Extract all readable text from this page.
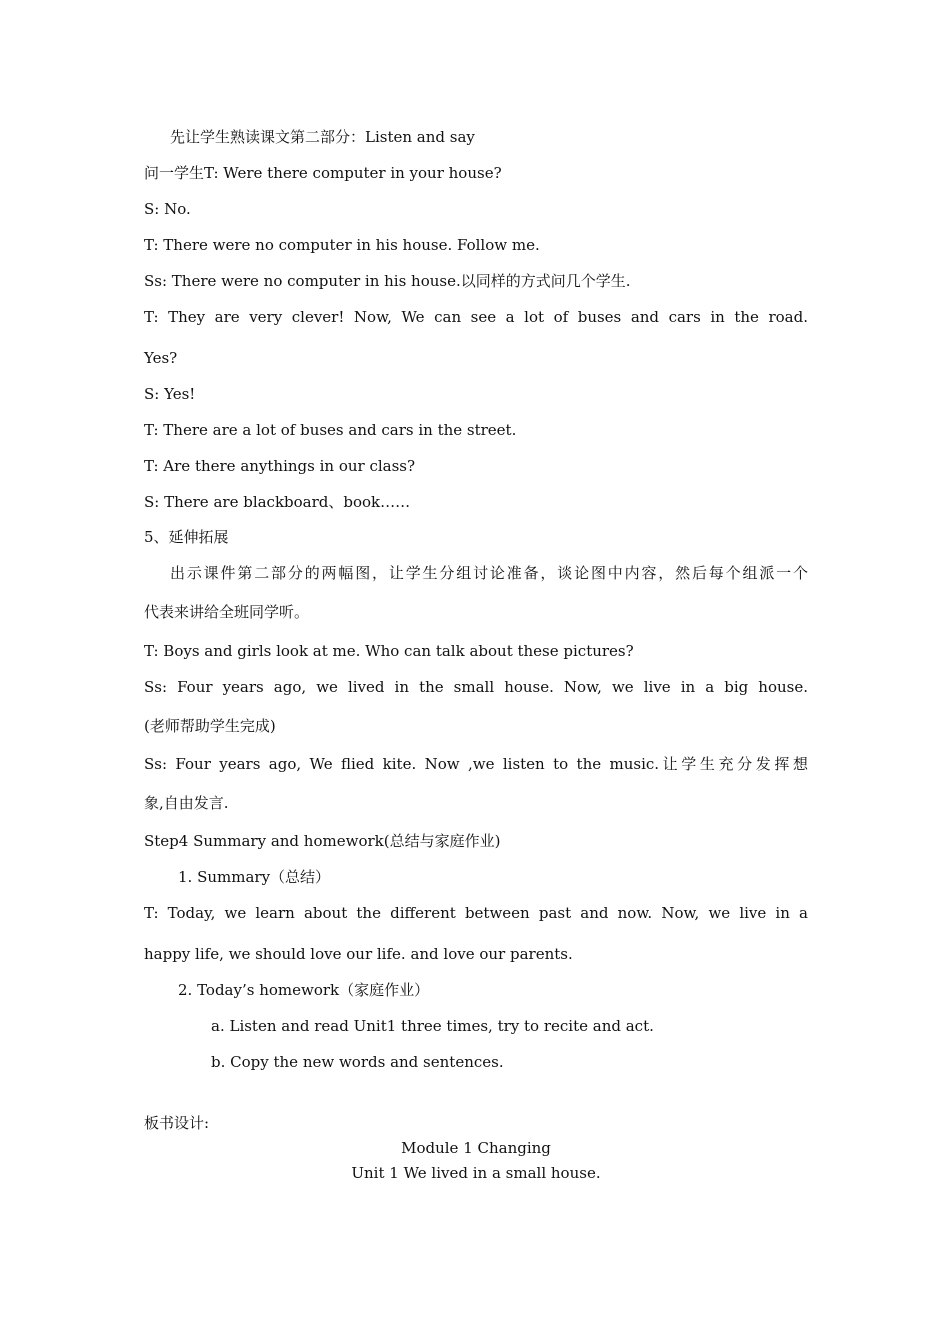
先让学生熟读课文第二部分：Listen and say
问一学生T: Were there computer in your house?
S: No.
T: There were no computer in his house. Follow me.
Ss: There were no computer in his house.以同样的方式问几个学生.
T: They are very clever! Now, We can see a lot of buses and cars in the road.
Yes?
S: Yes!
T: There are a lot of buses and cars in the street.
T: Are there anythings in our class?
S: There are blackboard、book……
5、延伸拓展
出示课件第二部分的两幅图，让学生分组讨论准备，谈论图中内容，然后每个组派一个
代表来讲给全班同学听。
T: Boys and girls look at me. Who can talk about these pictures?
Ss: Four years ago, we lived in the small house. Now, we live in a big house.
(老师帮助学生完成)
Ss: Four years ago, We flied kite. Now ,we listen to the music.让学生充分发挥想
象,自由发言.
Step4 Summary and homework(总结与家庭作业)
1. Summary（总结）
T: Today, we learn about the different between past and now. Now, we live in a
happy life, we should love our life. and love our parents.
2. Today’s homework（家庭作业）
a. Listen and read Unit1 three times, try to recite and act.
b. Copy the new words and sentences.
板书设计:
Module 1 Changing
Unit 1 We lived in a small house.
